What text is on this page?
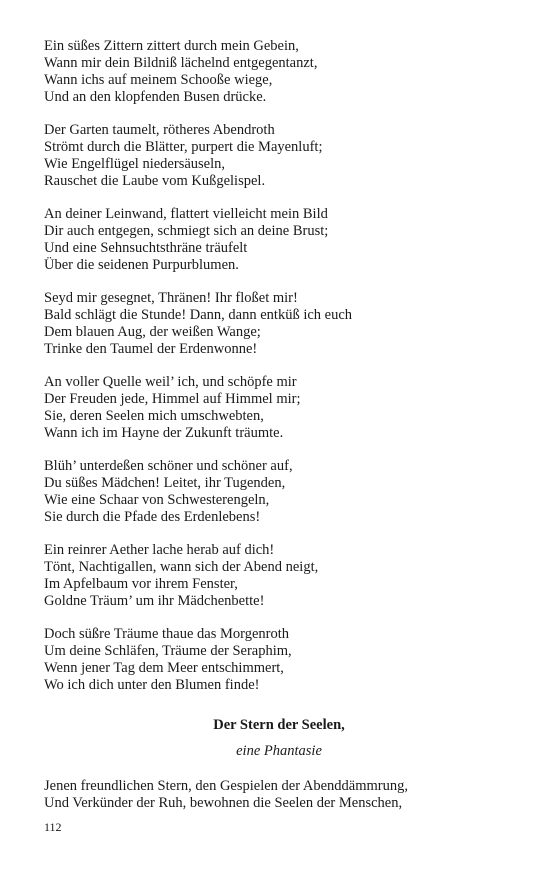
Ein süßes Zittern zittert durch mein Gebein,
Wann mir dein Bildniß lächelnd entgegentanzt,
Wann ichs auf meinem Schooße wiege,
Und an den klopfenden Busen drücke.
Der Garten taumelt, rötheres Abendroth
Strömt durch die Blätter, purpert die Mayenluft;
Wie Engelflügel niedersäuseln,
Rauschet die Laube vom Kußgelispel.
An deiner Leinwand, flattert vielleicht mein Bild
Dir auch entgegen, schmiegt sich an deine Brust;
Und eine Sehnsuchtsthräne träufelt
Über die seidenen Purpurblumen.
Seyd mir gesegnet, Thränen! Ihr floßet mir!
Bald schlägt die Stunde! Dann, dann entküß ich euch
Dem blauen Aug, der weißen Wange;
Trinke den Taumel der Erdenwonne!
An voller Quelle weil’ ich, und schöpfe mir
Der Freuden jede, Himmel auf Himmel mir;
Sie, deren Seelen mich umschwebten,
Wann ich im Hayne der Zukunft träumte.
Blüh’ unterdeßen schöner und schöner auf,
Du süßes Mädchen! Leitet, ihr Tugenden,
Wie eine Schaar von Schwesterengeln,
Sie durch die Pfade des Erdenlebens!
Ein reinrer Aether lache herab auf dich!
Tönt, Nachtigallen, wann sich der Abend neigt,
Im Apfelbaum vor ihrem Fenster,
Goldne Träum’ um ihr Mädchenbette!
Doch süßre Träume thaue das Morgenroth
Um deine Schläfen, Träume der Seraphim,
Wenn jener Tag dem Meer entschimmert,
Wo ich dich unter den Blumen finde!
Der Stern der Seelen,
eine Phantasie
Jenen freundlichen Stern, den Gespielen der Abenddämmrung,
Und Verkünder der Ruh, bewohnen die Seelen der Menschen,
112
